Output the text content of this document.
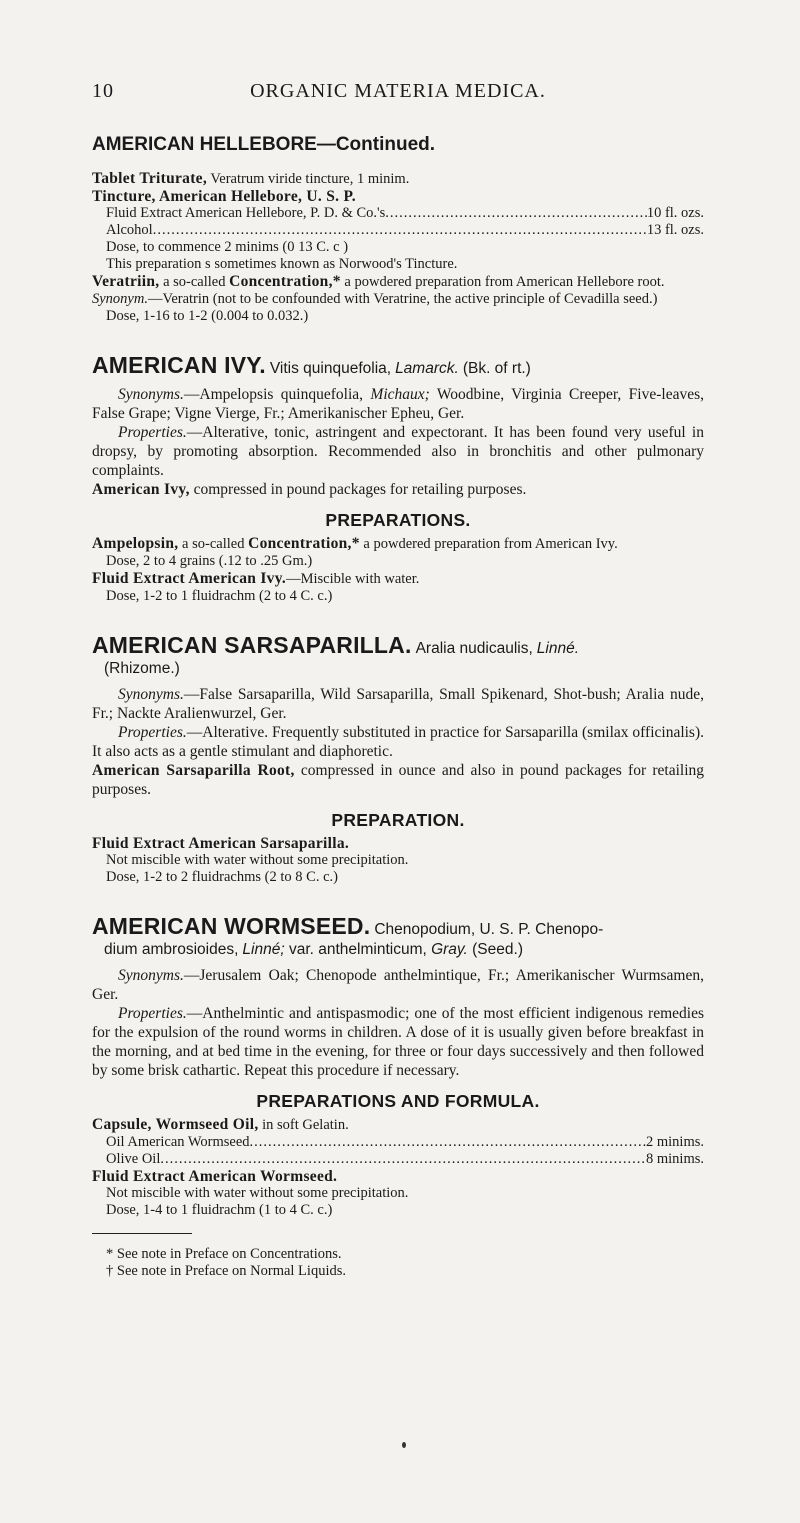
10	ORGANIC MATERIA MEDICA.
AMERICAN HELLEBORE—Continued.
Tablet Triturate, Veratrum viride tincture, 1 minim.
Tincture, American Hellebore, U. S. P.
Fluid Extract American Hellebore, P. D. & Co.'s .....	10 fl. ozs.
Alcohol .....	13 fl. ozs.
Dose, to commence 2 minims (0 13 C. c )
This preparation s sometimes known as Norwood's Tincture.
Veratriin, a so-called Concentration,* a powdered preparation from American Hellebore root.
Synonym.—Veratrin (not to be confounded with Veratrine, the active principle of Cevadilla seed.)
Dose, 1-16 to 1-2 (0.004 to 0.032.)
AMERICAN IVY. Vitis quinquefolia, Lamarck. (Bk. of rt.)

Synonyms.—Ampelopsis quinquefolia, Michaux; Woodbine, Virginia Creeper, Five-leaves, False Grape; Vigne Vierge, Fr.; Amerikanischer Epheu, Ger.

Properties.—Alterative, tonic, astringent and expectorant. It has been found very useful in dropsy, by promoting absorption. Recommended also in bronchitis and other pulmonary complaints.

American Ivy, compressed in pound packages for retailing purposes.

PREPARATIONS.
Ampelopsin, a so-called Concentration,* a powdered preparation from American Ivy.
Dose, 2 to 4 grains (.12 to .25 Gm.)
Fluid Extract American Ivy.—Miscible with water.
Dose, 1-2 to 1 fluidrachm (2 to 4 C. c.)
AMERICAN SARSAPARILLA. Aralia nudicaulis, Linné.
(Rhizome.)

Synonyms.—False Sarsaparilla, Wild Sarsaparilla, Small Spikenard, Shot-bush; Aralia nude, Fr.; Nackte Aralienwurzel, Ger.

Properties.—Alterative. Frequently substituted in practice for Sarsaparilla (smilax officinalis). It also acts as a gentle stimulant and diaphoretic.

American Sarsaparilla Root, compressed in ounce and also in pound packages for retailing purposes.

PREPARATION.
Fluid Extract American Sarsaparilla.
Not miscible with water without some precipitation.
Dose, 1-2 to 2 fluidrachms (2 to 8 C. c.)
AMERICAN WORMSEED. Chenopodium, U. S. P. Chenopo-
dium ambrosioides, Linné; var. anthelminticum, Gray. (Seed.)

Synonyms.—Jerusalem Oak; Chenopode anthelmintique, Fr.; Amerikanischer Wurmsamen, Ger.

Properties.—Anthelmintic and antispasmodic; one of the most efficient indigenous remedies for the expulsion of the round worms in children. A dose of it is usually given before breakfast in the morning, and at bed time in the evening, for three or four days successively and then followed by some brisk cathartic. Repeat this procedure if necessary.

PREPARATIONS AND FORMULA.
Capsule, Wormseed Oil, in soft Gelatin.
Oil American Wormseed .....	2 minims.
Olive Oil .....	8 minims.
Fluid Extract American Wormseed.
Not miscible with water without some precipitation.
Dose, 1-4 to 1 fluidrachm (1 to 4 C. c.)

* See note in Preface on Concentrations.

† See note in Preface on Normal Liquids.
